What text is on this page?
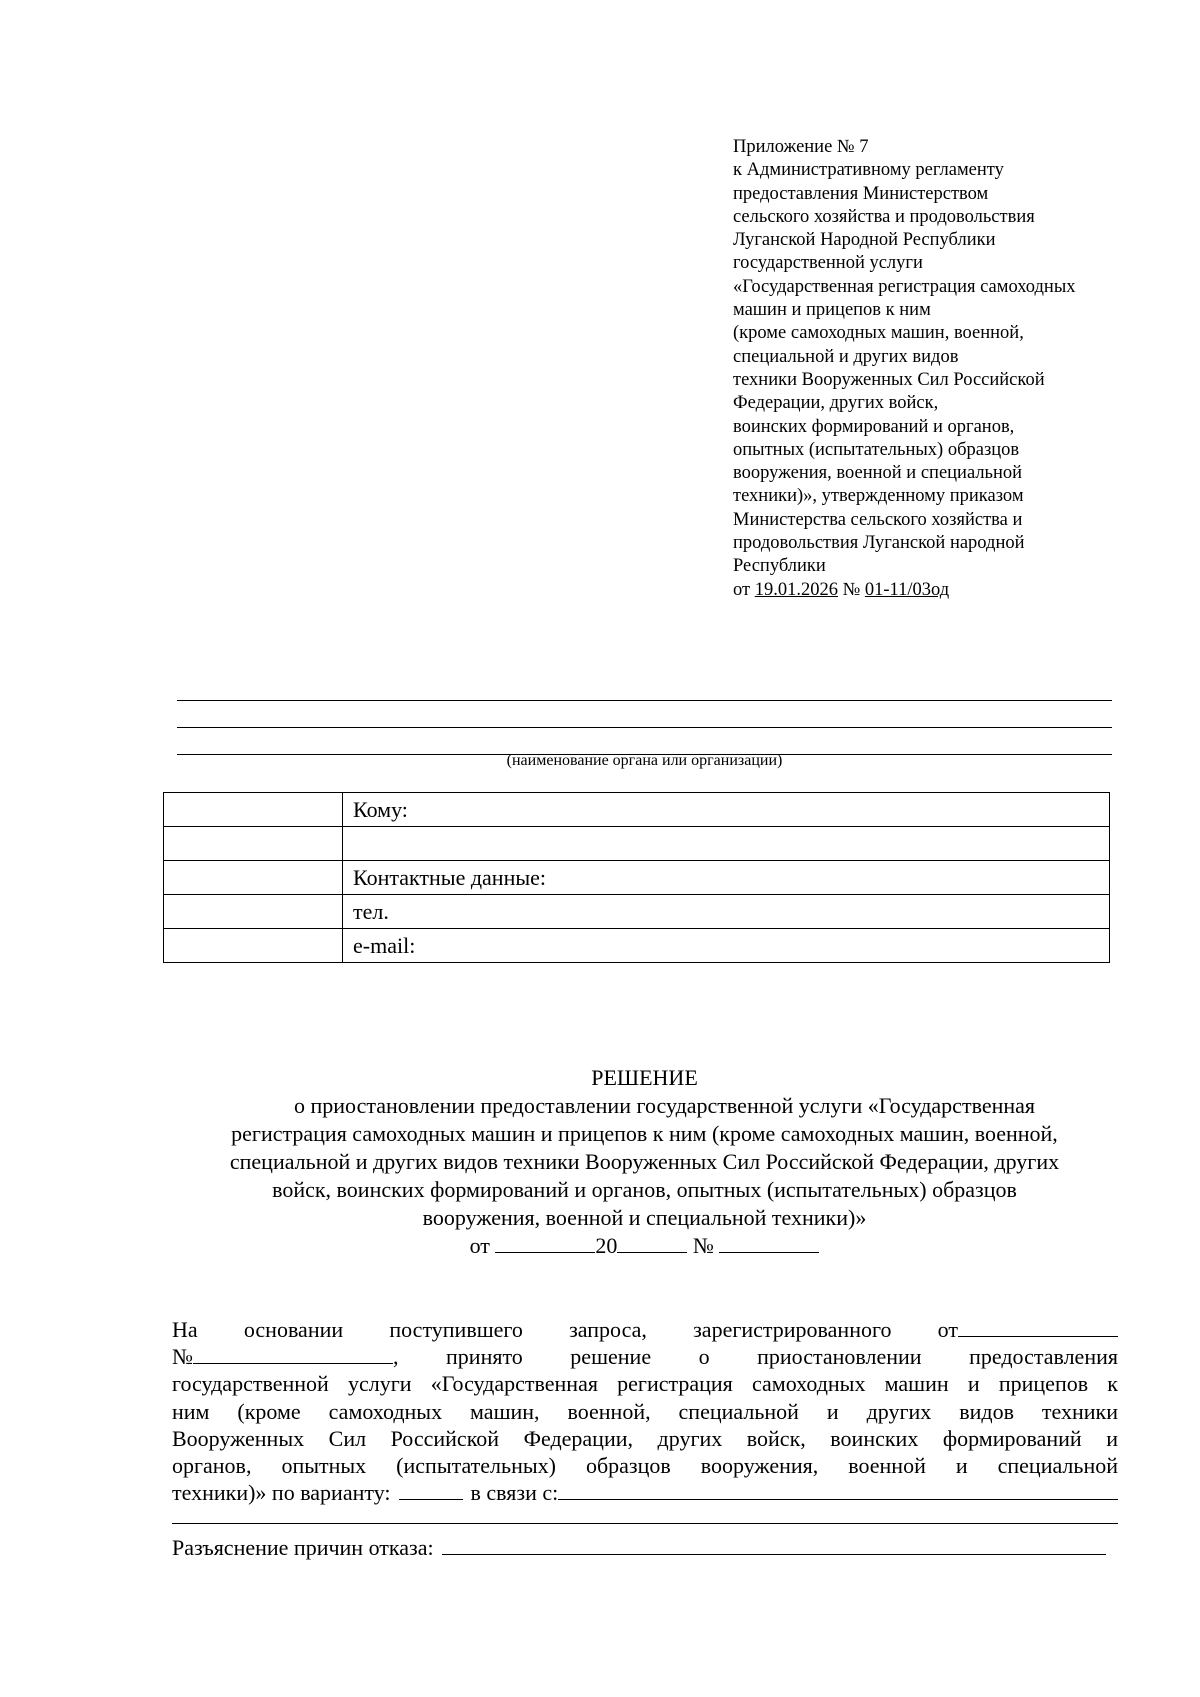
Приложение № 7
к Административному регламенту
предоставления Министерством
сельского хозяйства и продовольствия
Луганской Народной Республики
государственной услуги
«Государственная регистрация самоходных
машин и прицепов к ним
(кроме самоходных машин, военной,
специальной и других видов
техники Вооруженных Сил Российской
Федерации, других войск,
воинских формирований и органов,
опытных (испытательных) образцов
вооружения, военной и специальной
техники)», утвержденному приказом
Министерства сельского хозяйства и
продовольствия Луганской народной
Республики
от 19.01.2026 № 01-11/03од
(наименование органа или организации)
	Кому:

	Контактные данные:
	тел.
	e-mail:
РЕШЕНИЕ
о приостановлении предоставлении государственной услуги «Государственная
регистрация самоходных машин и прицепов к ним (кроме самоходных машин, военной,
специальной и других видов техники Вооруженных Сил Российской Федерации, других
войск, воинских формирований и органов, опытных (испытательных) образцов
вооружения, военной и специальной техники)»
от	20	№
На основании поступившего запроса, зарегистрированного от
№	, принято решение о приостановлении предоставления
государственной услуги «Государственная регистрация самоходных машин и прицепов к
ним (кроме самоходных машин, военной, специальной и других видов техники
Вооруженных Сил Российской Федерации, других войск, воинских формирований и
органов, опытных (испытательных) образцов вооружения, военной и специальной
техники)» по варианту:	в связи с:
Разъяснение причин отказа:
